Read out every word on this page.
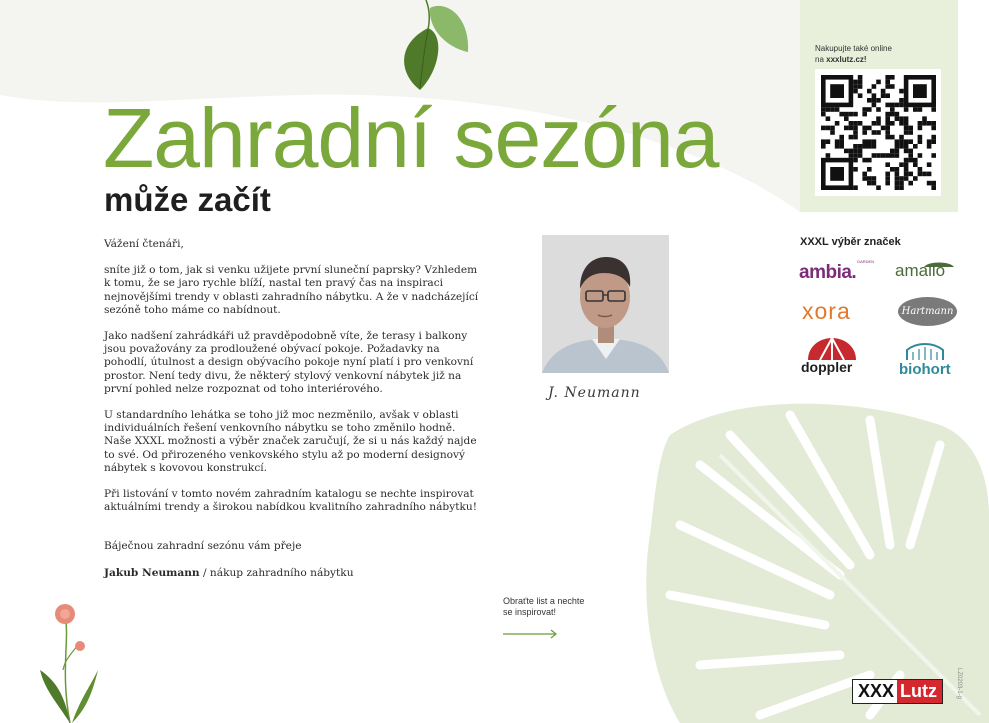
Zahradní sezóna
může začít

Vážení čtenáři,

sníte již o tom, jak si venku užijete první sluneční paprsky? Vzhledem k tomu, že se jaro rychle blíží, nastal ten pravý čas na inspiraci nejnovějšími trendy v oblasti zahradního nábytku. A že v nadcházející sezóně toho máme co nabídnout.

Jako nadšení zahrádkáři už pravděpodobně víte, že terasy i balkony jsou považovány za prodloužené obývací pokoje. Požadavky na pohodlí, útulnost a design obývacího pokoje nyní platí i pro venkovní prostor. Není tedy divu, že některý stylový venkovní nábytek již na první pohled nelze rozpoznat od toho interiérového.

U standardního lehátka se toho již moc nezměnilo, avšak v oblasti individuálních řešení venkovního nábytku se toho změnilo hodně. Naše XXXL možnosti a výběr značek zaručují, že si u nás každý najde to své. Od přirozeného venkovského stylu až po moderní designový nábytek s kovovou konstrukcí.

Při listování v tomto novém zahradním katalogu se nechte inspirovat aktuálními trendy a širokou nabídkou kvalitního zahradního nábytku!

Báječnou zahradní sezónu vám přeje

Jakub Neumann / nákup zahradního nábytku

J. Neumann
Obraťte list a nechte
se inspirovat!
Nakupujte také online
na xxxlutz.cz!
XXXL výběr značek
ambia.
GARDEN amalio
xora	Hartmann
doppler	biohort
XXX Lutz	LZ0203-1-g
